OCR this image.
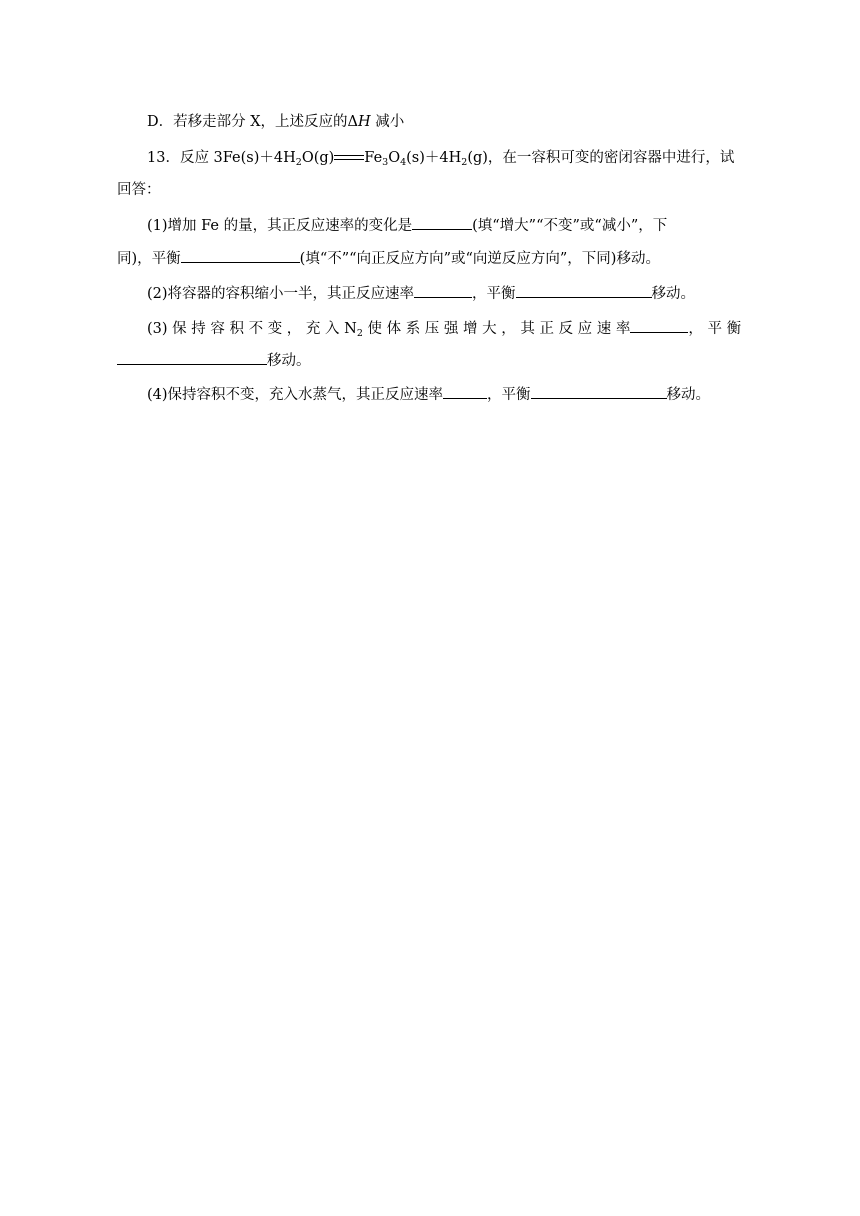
D．若移走部分 X，上述反应的ΔH 减小
13．反应 $3Fe(s)+4H_2O(g)$ $Fe_3O_4(s)+4H_2(g)$，在一容积可变的密闭容器中进行，试
回答：
(1)增加 Fe 的量，其正反应速率的变化是	(填“增大”“不变”或“减小”，下
同)，平衡	(填“不”“向正反应方向”或“向逆反应方向”，下同)移动。
(2)将容器的容积缩小一半，其正反应速率	，平衡	移动。
(3) 保 持 容 积 不 变 ， 充 入 $N_2$ 使 体 系 压 强 增 大 ， 其 正 反 应 速 率	， 平 衡
移动。
(4)保持容积不变，充入水蒸气，其正反应速率	，平衡	移动。
